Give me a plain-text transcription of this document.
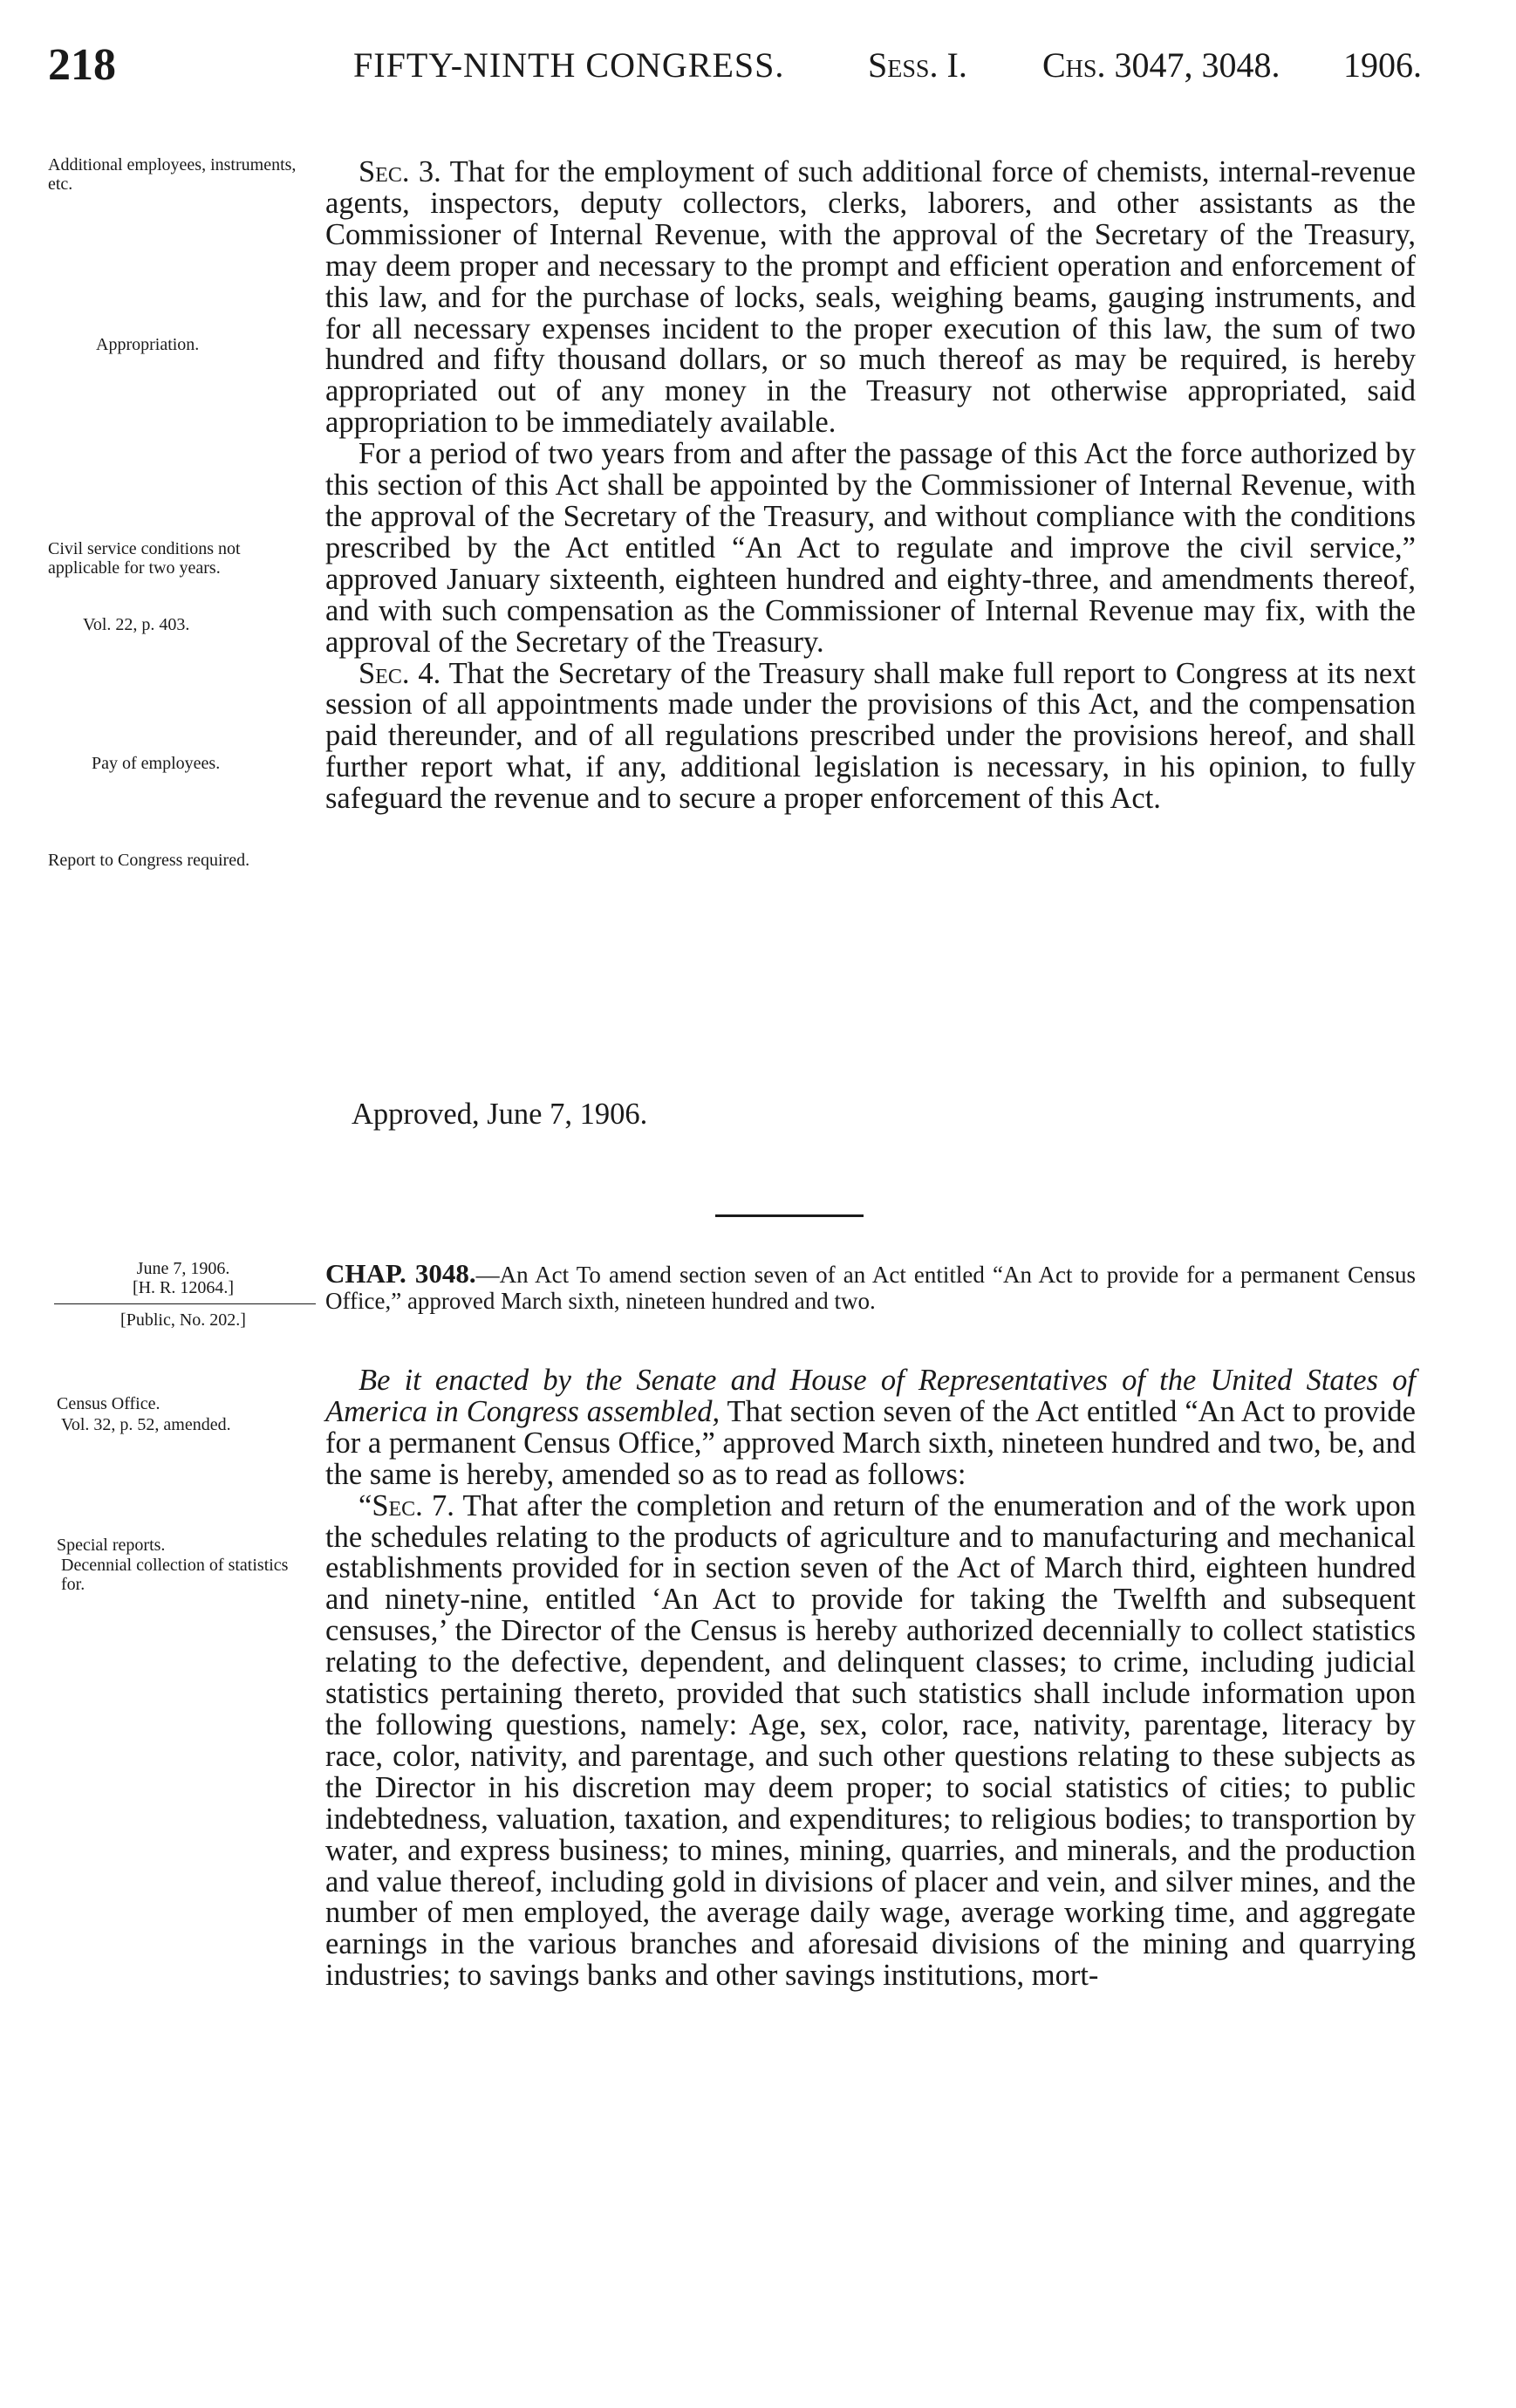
218	FIFTY-NINTH CONGRESS. Sess. I. Chs. 3047, 3048. 1906.
Additional employees, instruments, etc.
Appropriation.
Civil service conditions not applicable for two years.
Vol. 22, p. 403.
Pay of employees.
Report to Congress required.

Sec. 3. That for the employment of such additional force of chemists, internal-revenue agents, inspectors, deputy collectors, clerks, laborers, and other assistants as the Commissioner of Internal Revenue, with the approval of the Secretary of the Treasury, may deem proper and necessary to the prompt and efficient operation and enforcement of this law, and for the purchase of locks, seals, weighing beams, gauging instruments, and for all necessary expenses incident to the proper execution of this law, the sum of two hundred and fifty thousand dollars, or so much thereof as may be required, is hereby appropriated out of any money in the Treasury not otherwise appropriated, said appropriation to be immediately available.

For a period of two years from and after the passage of this Act the force authorized by this section of this Act shall be appointed by the Commissioner of Internal Revenue, with the approval of the Secretary of the Treasury, and without compliance with the conditions prescribed by the Act entitled “An Act to regulate and improve the civil service,” approved January sixteenth, eighteen hundred and eighty-three, and amendments thereof, and with such compensation as the Commissioner of Internal Revenue may fix, with the approval of the Secretary of the Treasury.

Sec. 4. That the Secretary of the Treasury shall make full report to Congress at its next session of all appointments made under the provisions of this Act, and the compensation paid thereunder, and of all regulations prescribed under the provisions hereof, and shall further report what, if any, additional legislation is necessary, in his opinion, to fully safeguard the revenue and to secure a proper enforcement of this Act.

Approved, June 7, 1906.
June 7, 1906.
[H. R. 12064.]
[Public, No. 202.]
CHAP. 3048.—An Act To amend section seven of an Act entitled “An Act to provide for a permanent Census Office,” approved March sixth, nineteen hundred and two.
Census Office.
Vol. 32, p. 52, amended.
Special reports.
Decennial collection of statistics for.

Be it enacted by the Senate and House of Representatives of the United States of America in Congress assembled, That section seven of the Act entitled “An Act to provide for a permanent Census Office,” approved March sixth, nineteen hundred and two, be, and the same is hereby, amended so as to read as follows:

“Sec. 7. That after the completion and return of the enumeration and of the work upon the schedules relating to the products of agriculture and to manufacturing and mechanical establishments provided for in section seven of the Act of March third, eighteen hundred and ninety-nine, entitled ‘An Act to provide for taking the Twelfth and subsequent censuses,’ the Director of the Census is hereby authorized decennially to collect statistics relating to the defective, dependent, and delinquent classes; to crime, including judicial statistics pertaining thereto, provided that such statistics shall include information upon the following questions, namely: Age, sex, color, race, nativity, parentage, literacy by race, color, nativity, and parentage, and such other questions relating to these subjects as the Director in his discretion may deem proper; to social statistics of cities; to public indebtedness, valuation, taxation, and expenditures; to religious bodies; to transportion by water, and express business; to mines, mining, quarries, and minerals, and the production and value thereof, including gold in divisions of placer and vein, and silver mines, and the number of men employed, the average daily wage, average working time, and aggregate earnings in the various branches and aforesaid divisions of the mining and quarrying industries; to savings banks and other savings institutions, mort-
